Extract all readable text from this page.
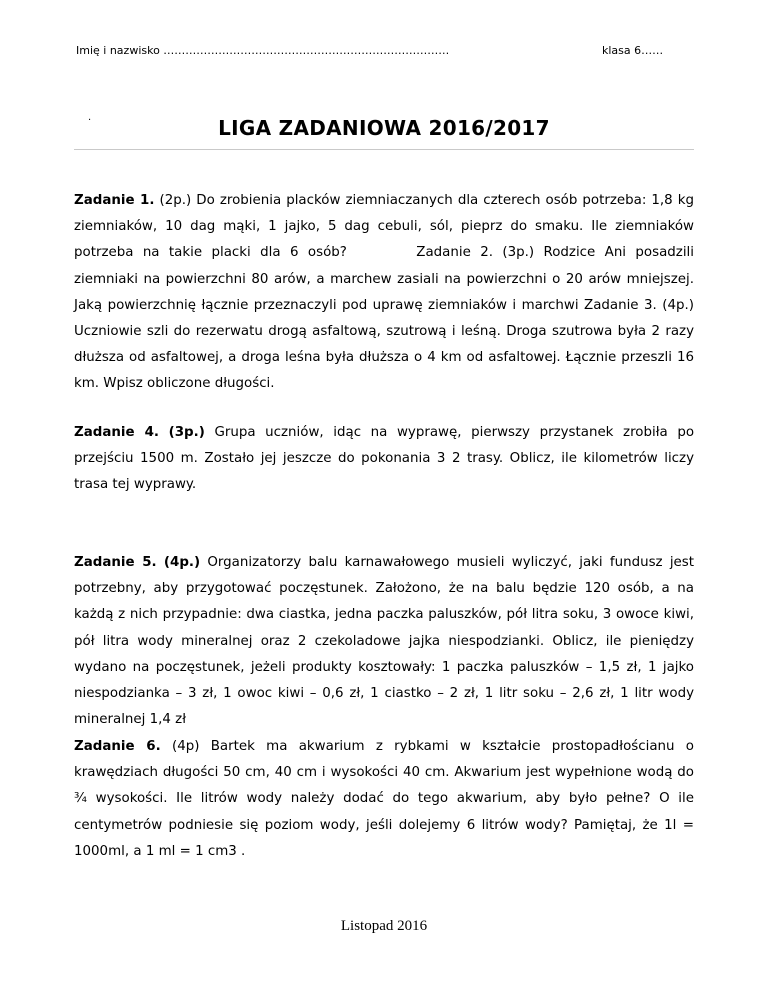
Imię i nazwisko ……………………………………………………………………	klasa 6……
.	LIGA ZADANIOWA 2016/2017
Zadanie 1. (2p.) Do zrobienia placków ziemniaczanych dla czterech osób potrzeba: 1,8 kg ziemniaków, 10 dag mąki, 1 jajko, 5 dag cebuli, sól, pieprz do smaku. Ile ziemniaków potrzeba na takie placki dla 6 osób?	Zadanie 2. (3p.) Rodzice Ani posadzili ziemniaki na powierzchni 80 arów, a marchew zasiali na powierzchni o 20 arów mniejszej. Jaką powierzchnię łącznie przeznaczyli pod uprawę ziemniaków i marchwi Zadanie 3. (4p.) Uczniowie szli do rezerwatu drogą asfaltową, szutrową i leśną. Droga szutrowa była 2 razy dłuższa od asfaltowej, a droga leśna była dłuższa o 4 km od asfaltowej. Łącznie przeszli 16 km. Wpisz obliczone długości.
Zadanie 4. (3p.) Grupa uczniów, idąc na wyprawę, pierwszy przystanek zrobiła po przejściu 1500 m. Zostało jej jeszcze do pokonania 3 2 trasy. Oblicz, ile kilometrów liczy trasa tej wyprawy.
Zadanie 5. (4p.) Organizatorzy balu karnawałowego musieli wyliczyć, jaki fundusz jest potrzebny, aby przygotować poczęstunek. Założono, że na balu będzie 120 osób, a na każdą z nich przypadnie: dwa ciastka, jedna paczka paluszków, pół litra soku, 3 owoce kiwi, pół litra wody mineralnej oraz 2 czekoladowe jajka niespodzianki. Oblicz, ile pieniędzy wydano na poczęstunek, jeżeli produkty kosztowały: 1 paczka paluszków – 1,5 zł, 1 jajko niespodzianka – 3 zł, 1 owoc kiwi – 0,6 zł, 1 ciastko – 2 zł, 1 litr soku – 2,6 zł, 1 litr wody mineralnej 1,4 zł
Zadanie 6. (4p) Bartek ma akwarium z rybkami w kształcie prostopadłościanu o krawędziach długości 50 cm, 40 cm i wysokości 40 cm. Akwarium jest wypełnione wodą do ¾ wysokości. Ile litrów wody należy dodać do tego akwarium, aby było pełne? O ile centymetrów podniesie się poziom wody, jeśli dolejemy 6 litrów wody? Pamiętaj, że 1l = 1000ml, a 1 ml = 1 cm3 .
Listopad 2016
